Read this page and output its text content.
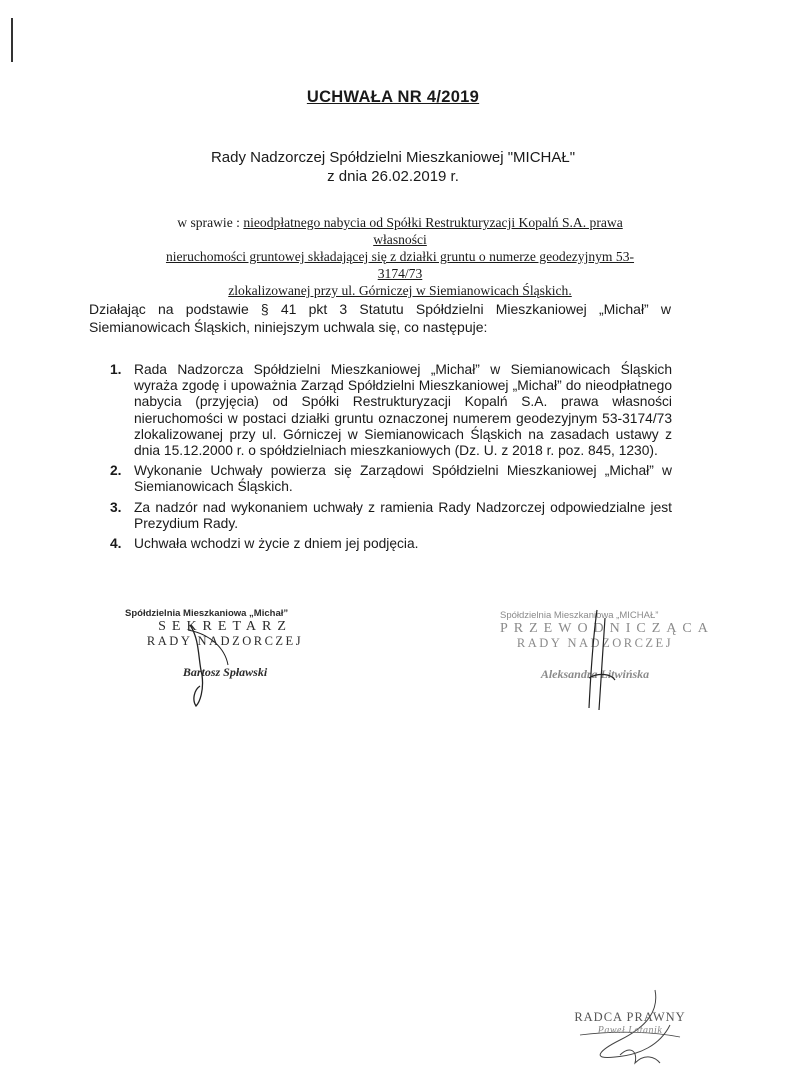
UCHWAŁA NR 4/2019
Rady Nadzorczej Spółdzielni Mieszkaniowej "MICHAŁ"
z dnia 26.02.2019 r.
w sprawie : nieodpłatnego nabycia od Spółki Restrukturyzacji Kopalń S.A. prawa własności
nieruchomości gruntowej składającej się z działki gruntu o numerze geodezyjnym 53-3174/73
zlokalizowanej przy ul. Górniczej w Siemianowicach Śląskich.

Działając na podstawie § 41 pkt 3 Statutu Spółdzielni Mieszkaniowej „Michał” w Siemianowicach Śląskich, niniejszym uchwala się, co następuje:

1. Rada Nadzorcza Spółdzielni Mieszkaniowej „Michał” w Siemianowicach Śląskich wyraża zgodę i upoważnia Zarząd Spółdzielni Mieszkaniowej „Michał” do nieodpłatnego nabycia (przyjęcia) od Spółki Restrukturyzacji Kopalń S.A. prawa własności nieruchomości w postaci działki gruntu oznaczonej numerem geodezyjnym 53-3174/73 zlokalizowanej przy ul. Górniczej w Siemianowicach Śląskich na zasadach ustawy z dnia 15.12.2000 r. o spółdzielniach mieszkaniowych (Dz. U. z 2018 r. poz. 845, 1230).
2. Wykonanie Uchwały powierza się Zarządowi Spółdzielni Mieszkaniowej „Michał” w Siemianowicach Śląskich.
3. Za nadzór nad wykonaniem uchwały z ramienia Rady Nadzorczej odpowiedzialne jest Prezydium Rady.
4. Uchwała wchodzi w życie z dniem jej podjęcia.
Spółdzielnia Mieszkaniowa „Michał”
SEKRETARZ
RADY NADZORCZEJ
Bartosz Spławski
Spółdzielnia Mieszkaniowa „MICHAŁ”
PRZEWODNICZĄCA
RADY NADZORCZEJ
Aleksandra Litwińska
RADCA PRAWNY
Paweł Latanik
